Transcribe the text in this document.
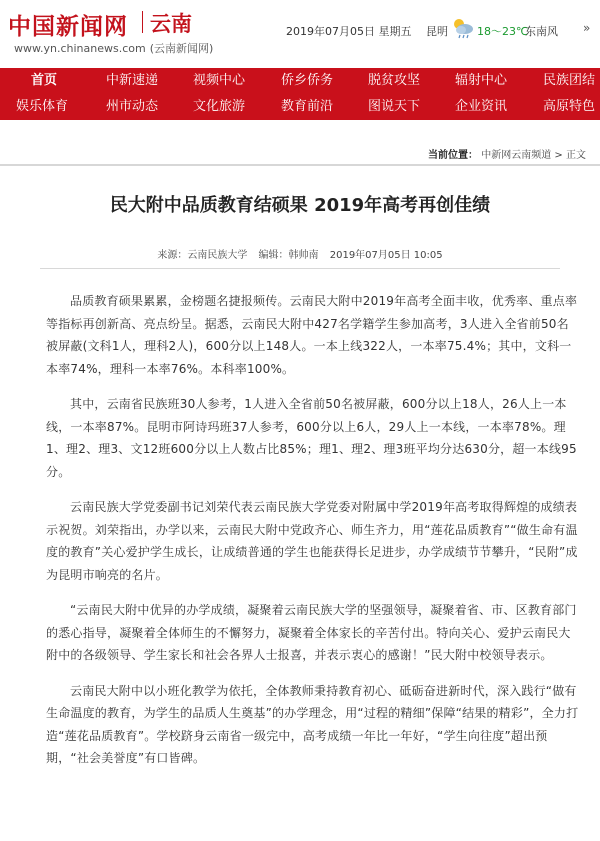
中国新闻网 云南
www.yn.chinanews.com (云南新闻网)
2019年07月05日 星期五 昆明	18～23℃
东南风 »
首页	中新速递	视频中心	侨乡侨务	脱贫攻坚	辐射中心	民族团结
娱乐体育	州市动态	文化旅游	教育前沿	图说天下	企业资讯	高原特色
当前位置： 中新网云南频道 > 正文
民大附中品质教育结硕果 2019年高考再创佳绩
来源：云南民族大学 编辑：韩帅南 2019年07月05日 10:05

品质教育硕果累累，金榜题名捷报频传。云南民大附中2019年高考全面丰收，优秀率、重点率等指标再创新高、亮点纷呈。据悉，云南民大附中427名学籍学生参加高考，3人进入全省前50名被屏蔽(文科1人，理科2人)，600分以上148人。一本上线322人，一本率75.4%；其中，文科一本率74%，理科一本率76%。本科率100%。

其中，云南省民族班30人参考，1人进入全省前50名被屏蔽，600分以上18人，26人上一本线，一本率87%。昆明市阿诗玛班37人参考，600分以上6人，29人上一本线，一本率78%。理1、理2、理3、文12班600分以上人数占比85%；理1、理2、理3班平均分达630分，超一本线95分。

云南民族大学党委副书记刘荣代表云南民族大学党委对附属中学2019年高考取得辉煌的成绩表示祝贺。刘荣指出，办学以来，云南民大附中党政齐心、师生齐力，用“莲花品质教育”“做生命有温度的教育”关心爱护学生成长，让成绩普通的学生也能获得长足进步，办学成绩节节攀升，“民附”成为昆明市响亮的名片。

“云南民大附中优异的办学成绩，凝聚着云南民族大学的坚强领导，凝聚着省、市、区教育部门的悉心指导，凝聚着全体师生的不懈努力，凝聚着全体家长的辛苦付出。特向关心、爱护云南民大附中的各级领导、学生家长和社会各界人士报喜，并表示衷心的感谢！”民大附中校领导表示。

云南民大附中以小班化教学为依托，全体教师秉持教育初心、砥砺奋进新时代，深入践行“做有生命温度的教育，为学生的品质人生奠基”的办学理念，用“过程的精细”保障“结果的精彩”，全力打造“莲花品质教育”。学校跻身云南省一级完中，高考成绩一年比一年好，“学生向往度”超出预期，“社会美誉度”有口皆碑。
